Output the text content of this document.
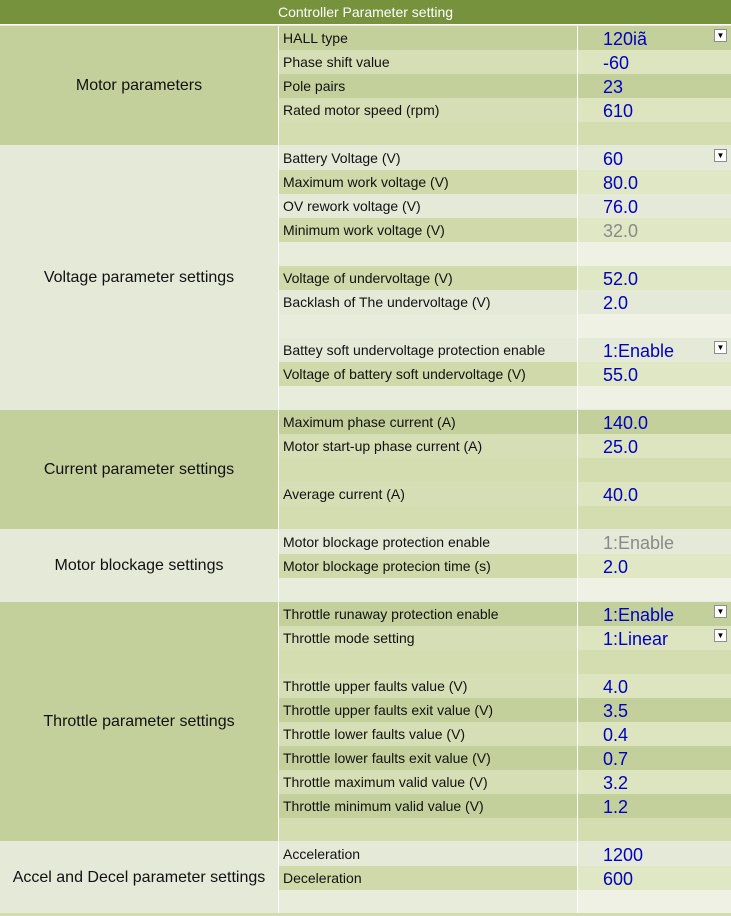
Controller Parameter setting
Motor parameters
HALL type	120iã	▼
Phase shift value	-60
Pole pairs	23
Rated motor speed (rpm)	610
Voltage parameter settings
Battery Voltage (V)	60	▼
Maximum work voltage (V)	80.0
OV rework voltage (V)	76.0
Minimum work voltage (V)	32.0
Voltage of undervoltage (V)	52.0
Backlash of The undervoltage (V)	2.0
Battey soft undervoltage protection enable	1:Enable	▼
Voltage of battery soft undervoltage (V)	55.0
Current parameter settings
Maximum phase current (A)	140.0
Motor start-up phase current (A)	25.0
Average current (A)	40.0
Motor blockage settings
Motor blockage protection enable	1:Enable
Motor blockage protecion time (s)	2.0
Throttle parameter settings
Throttle runaway protection enable	1:Enable	▼
Throttle mode setting	1:Linear	▼
Throttle upper faults value (V)	4.0
Throttle upper faults exit value (V)	3.5
Throttle lower faults value (V)	0.4
Throttle lower faults exit value (V)	0.7
Throttle maximum valid value (V)	3.2
Throttle minimum valid value (V)	1.2
Accel and Decel parameter settings
Acceleration	1200
Deceleration	600
